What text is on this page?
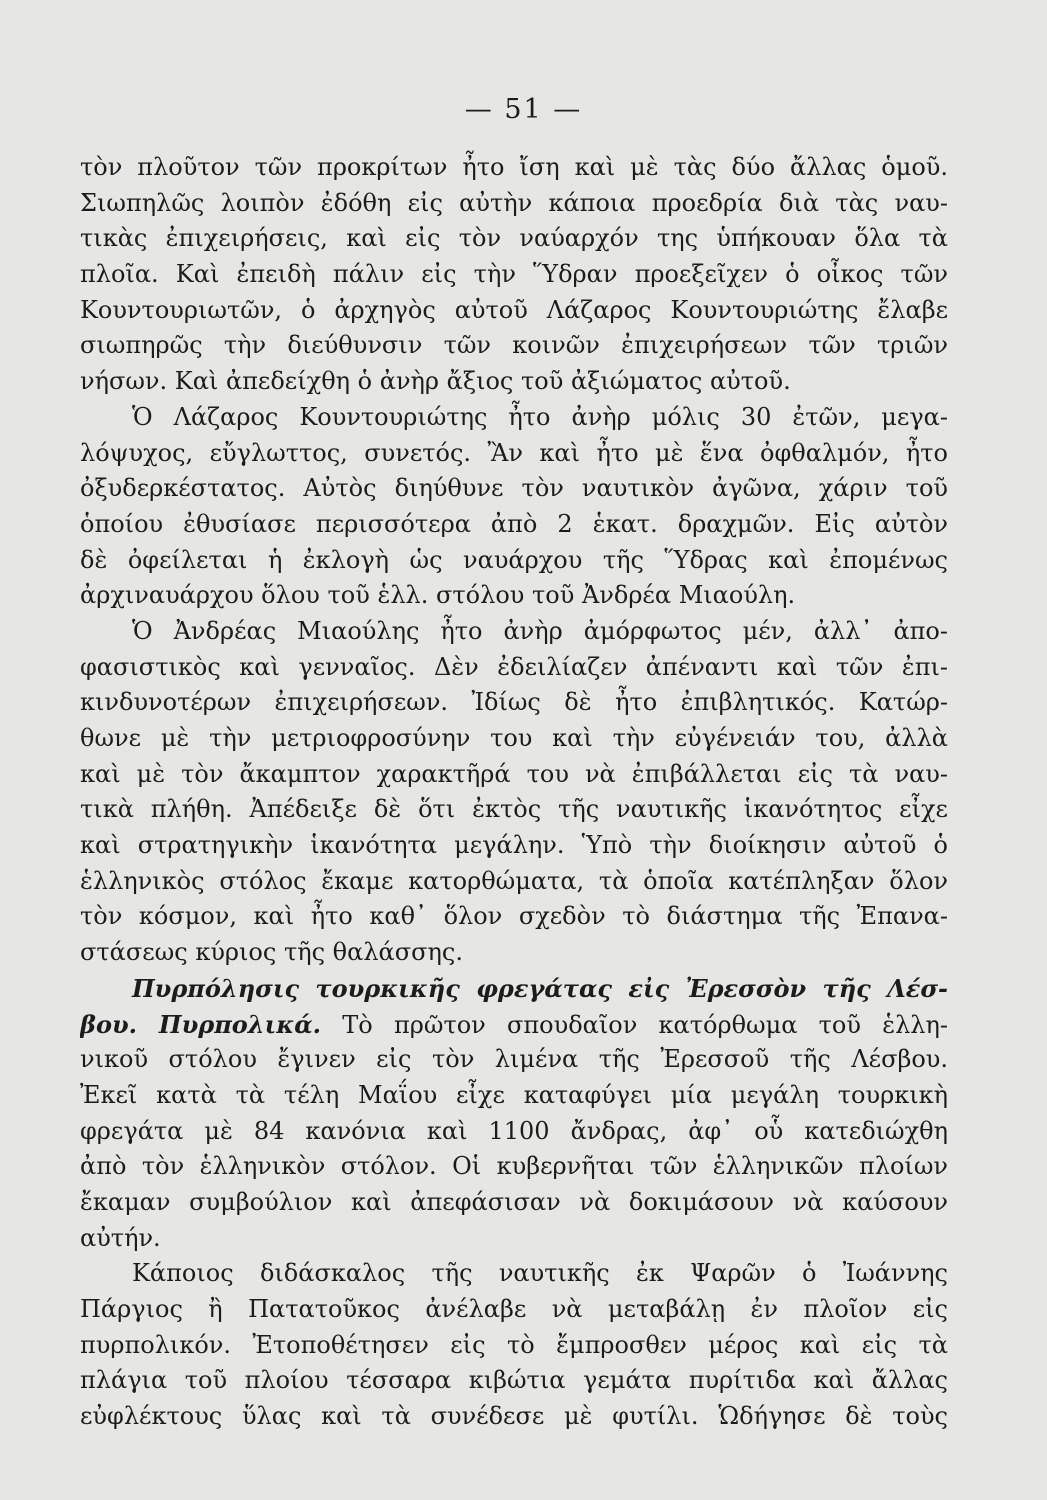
— 51 —
τὸν πλοῦτον τῶν προκρίτων ἦτο ἴση καὶ μὲ τὰς δύο ἄλλας ὁμοῦ.
Σιωπηλῶς λοιπὸν ἐδόθη εἰς αὐτὴν κάποια προεδρία διὰ τὰς ναυ-
τικὰς ἐπιχειρήσεις, καὶ εἰς τὸν ναύαρχόν της ὑπήκουαν ὅλα τὰ
πλοῖα. Καὶ ἐπειδὴ πάλιν εἰς τὴν Ὕδραν προεξεῖχεν ὁ οἶκος τῶν
Κουντουριωτῶν, ὁ ἀρχηγὸς αὐτοῦ Λάζαρος Κουντουριώτης ἔλαβε
σιωπηρῶς τὴν διεύθυνσιν τῶν κοινῶν ἐπιχειρήσεων τῶν τριῶν
νήσων. Καὶ ἀπεδείχθη ὁ ἀνὴρ ἄξιος τοῦ ἀξιώματος αὐτοῦ.
Ὁ Λάζαρος Κουντουριώτης ἦτο ἀνὴρ μόλις 30 ἐτῶν, μεγα-
λόψυχος, εὔγλωττος, συνετός. Ἂν καὶ ἦτο μὲ ἕνα ὀφθαλμόν, ἦτο
ὀξυδερκέστατος. Αὐτὸς διηύθυνε τὸν ναυτικὸν ἀγῶνα, χάριν τοῦ
ὁποίου ἐθυσίασε περισσότερα ἀπὸ 2 ἑκατ. δραχμῶν. Εἰς αὐτὸν
δὲ ὀφείλεται ἡ ἐκλογὴ ὡς ναυάρχου τῆς Ὕδρας καὶ ἐπομένως
ἀρχιναυάρχου ὅλου τοῦ ἑλλ. στόλου τοῦ Ἀνδρέα Μιαούλη.
Ὁ Ἀνδρέας Μιαούλης ἦτο ἀνὴρ ἀμόρφωτος μέν, ἀλλ᾽ ἀπο-
φασιστικὸς καὶ γενναῖος. Δὲν ἐδειλίαζεν ἀπέναντι καὶ τῶν ἐπι-
κινδυνοτέρων ἐπιχειρήσεων. Ἰδίως δὲ ἦτο ἐπιβλητικός. Κατώρ-
θωνε μὲ τὴν μετριοφροσύνην του καὶ τὴν εὐγένειάν του, ἀλλὰ
καὶ μὲ τὸν ἄκαμπτον χαρακτῆρά του νὰ ἐπιβάλλεται εἰς τὰ ναυ-
τικὰ πλήθη. Ἀπέδειξε δὲ ὅτι ἐκτὸς τῆς ναυτικῆς ἱκανότητος εἶχε
καὶ στρατηγικὴν ἱκανότητα μεγάλην. Ὑπὸ τὴν διοίκησιν αὐτοῦ ὁ
ἑλληνικὸς στόλος ἔκαμε κατορθώματα, τὰ ὁποῖα κατέπληξαν ὅλον
τὸν κόσμον, καὶ ἦτο καθ᾽ ὅλον σχεδὸν τὸ διάστημα τῆς Ἐπανα-
στάσεως κύριος τῆς θαλάσσης.
Πυρπόλησις τουρκικῆς φρεγάτας εἰς Ἐρεσσὸν τῆς Λέσ-
βου. Πυρπολικά. Τὸ πρῶτον σπουδαῖον κατόρθωμα τοῦ ἑλλη-
νικοῦ στόλου ἔγινεν εἰς τὸν λιμένα τῆς Ἐρεσσοῦ τῆς Λέσβου.
Ἐκεῖ κατὰ τὰ τέλη Μαΐου εἶχε καταφύγει μία μεγάλη τουρκικὴ
φρεγάτα μὲ 84 κανόνια καὶ 1100 ἄνδρας, ἀφ᾽ οὗ κατεδιώχθη
ἀπὸ τὸν ἑλληνικὸν στόλον. Οἱ κυβερνῆται τῶν ἑλληνικῶν πλοίων
ἔκαμαν συμβούλιον καὶ ἀπεφάσισαν νὰ δοκιμάσουν νὰ καύσουν
αὐτήν.
Κάποιος διδάσκαλος τῆς ναυτικῆς ἐκ Ψαρῶν ὁ Ἰωάννης
Πάργιος ἢ Πατατοῦκος ἀνέλαβε νὰ μεταβάλῃ ἐν πλοῖον εἰς
πυρπολικόν. Ἐτοποθέτησεν εἰς τὸ ἔμπροσθεν μέρος καὶ εἰς τὰ
πλάγια τοῦ πλοίου τέσσαρα κιβώτια γεμάτα πυρίτιδα καὶ ἄλλας
εὐφλέκτους ὕλας καὶ τὰ συνέδεσε μὲ φυτίλι. Ὡδήγησε δὲ τοὺς
